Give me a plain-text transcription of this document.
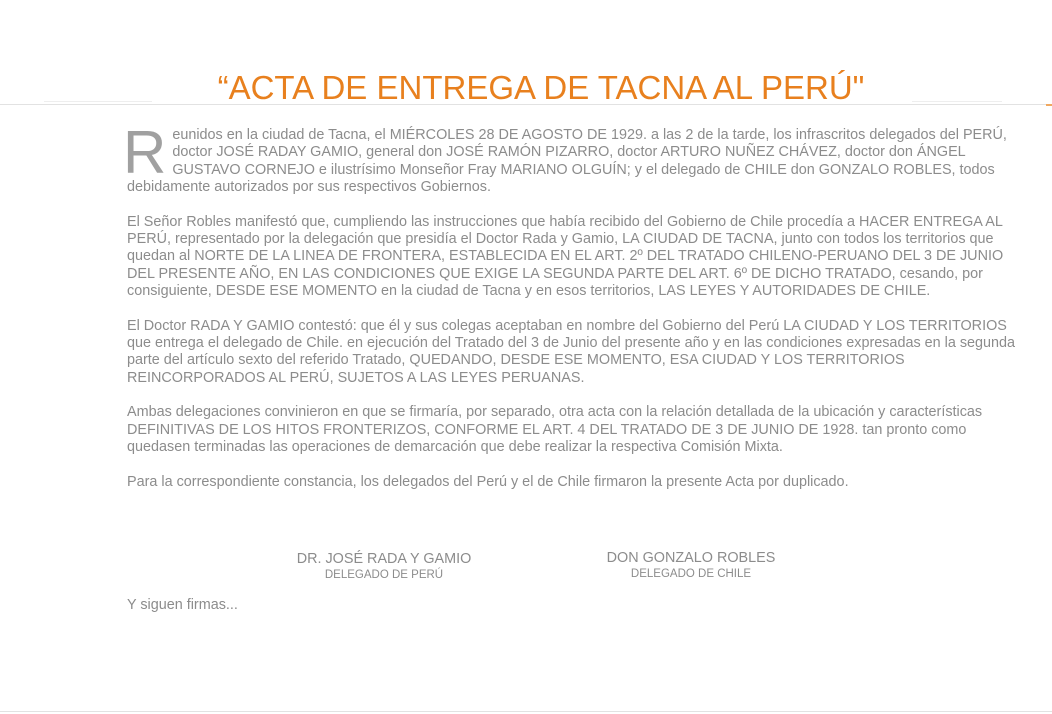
“ACTA DE ENTREGA DE TACNA AL PERÚ"

Reunidos en la ciudad de Tacna, el MIÉRCOLES 28 DE AGOSTO DE 1929. a las 2 de la tarde, los infrascritos delegados del PERÚ, doctor JOSÉ RADAY GAMIO, general don JOSÉ RAMÓN PIZARRO, doctor ARTURO NUÑEZ CHÁVEZ, doctor don ÁNGEL GUSTAVO CORNEJO e ilustrísimo Monseñor Fray MARIANO OLGUÍN; y el delegado de CHILE don GONZALO ROBLES, todos debidamente autorizados por sus respectivos Gobiernos.

El Señor Robles manifestó que, cumpliendo las instrucciones que había recibido del Gobierno de Chile procedía a HACER ENTREGA AL PERÚ, representado por la delegación que presidía el Doctor Rada y Gamio, LA CIUDAD DE TACNA, junto con todos los territorios que quedan al NORTE DE LA LINEA DE FRONTERA, ESTABLECIDA EN EL ART. 2º DEL TRATADO CHILENO-PERUANO DEL 3 DE JUNIO DEL PRESENTE AÑO, EN LAS CONDICIONES QUE EXIGE LA SEGUNDA PARTE DEL ART. 6º DE DICHO TRATADO, cesando, por consiguiente, DESDE ESE MOMENTO en la ciudad de Tacna y en esos territorios, LAS LEYES Y AUTORIDADES DE CHILE.

El Doctor RADA Y GAMIO contestó: que él y sus colegas aceptaban en nombre del Gobierno del Perú LA CIUDAD Y LOS TERRITORIOS que entrega el delegado de Chile. en ejecución del Tratado del 3 de Junio del presente año y en las condiciones expresadas en la segunda parte del artículo sexto del referido Tratado, QUEDANDO, DESDE ESE MOMENTO, ESA CIUDAD Y LOS TERRITORIOS REINCORPORADOS AL PERÚ, SUJETOS A LAS LEYES PERUANAS.

Ambas delegaciones convinieron en que se firmaría, por separado, otra acta con la relación detallada de la ubicación y características DEFINITIVAS DE LOS HITOS FRONTERIZOS, CONFORME EL ART. 4 DEL TRATADO DE 3 DE JUNIO DE 1928. tan pronto como quedasen terminadas las operaciones de demarcación que debe realizar la respectiva Comisión Mixta.

Para la correspondiente constancia, los delegados del Perú y el de Chile firmaron la presente Acta por duplicado.

DR. JOSÉ RADA Y GAMIO
DELEGADO DE PERÚ
DON GONZALO ROBLES
DELEGADO DE CHILE
Y siguen firmas...
